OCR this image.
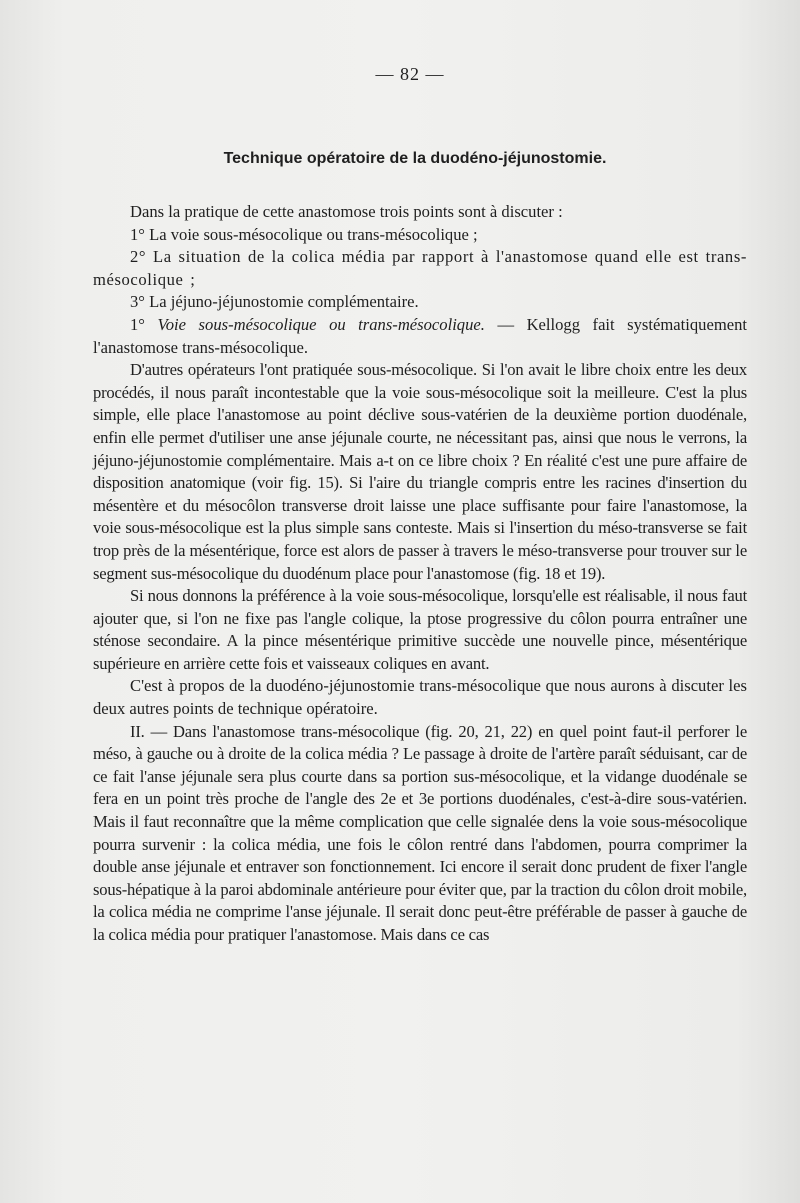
— 82 —
Technique opératoire de la duodéno-jéjunostomie.

Dans la pratique de cette anastomose trois points sont à discuter :

1° La voie sous-mésocolique ou trans-mésocolique ;

2° La situation de la colica média par rapport à l'anastomose quand elle est trans-mésocolique ;

3° La jéjuno-jéjunostomie complémentaire.

1° Voie sous-mésocolique ou trans-mésocolique. — Kellogg fait systématiquement l'anastomose trans-mésocolique.

D'autres opérateurs l'ont pratiquée sous-mésocolique. Si l'on avait le libre choix entre les deux procédés, il nous paraît incontestable que la voie sous-mésocolique soit la meilleure. C'est la plus simple, elle place l'anastomose au point déclive sous-vatérien de la deuxième portion duodénale, enfin elle permet d'utiliser une anse jéjunale courte, ne nécessitant pas, ainsi que nous le verrons, la jéjuno-jéjunostomie complémentaire. Mais a-t on ce libre choix ? En réalité c'est une pure affaire de disposition anatomique (voir fig. 15). Si l'aire du triangle compris entre les racines d'insertion du mésentère et du mésocôlon transverse droit laisse une place suffisante pour faire l'anastomose, la voie sous-mésocolique est la plus simple sans conteste. Mais si l'insertion du méso-transverse se fait trop près de la mésentérique, force est alors de passer à travers le méso-transverse pour trouver sur le segment sus-mésocolique du duodénum place pour l'anastomose (fig. 18 et 19).

Si nous donnons la préférence à la voie sous-mésocolique, lorsqu'elle est réalisable, il nous faut ajouter que, si l'on ne fixe pas l'angle colique, la ptose progressive du côlon pourra entraîner une sténose secondaire. A la pince mésentérique primitive succède une nouvelle pince, mésentérique supérieure en arrière cette fois et vaisseaux coliques en avant.

C'est à propos de la duodéno-jéjunostomie trans-mésocolique que nous aurons à discuter les deux autres points de technique opératoire.

II. — Dans l'anastomose trans-mésocolique (fig. 20, 21, 22) en quel point faut-il perforer le méso, à gauche ou à droite de la colica média ? Le passage à droite de l'artère paraît séduisant, car de ce fait l'anse jéjunale sera plus courte dans sa portion sus-mésocolique, et la vidange duodénale se fera en un point très proche de l'angle des 2e et 3e portions duodénales, c'est-à-dire sous-vatérien. Mais il faut reconnaître que la même complication que celle signalée dens la voie sous-mésocolique pourra survenir : la colica média, une fois le côlon rentré dans l'abdomen, pourra comprimer la double anse jéjunale et entraver son fonctionnement. Ici encore il serait donc prudent de fixer l'angle sous-hépatique à la paroi abdominale antérieure pour éviter que, par la traction du côlon droit mobile, la colica média ne comprime l'anse jéjunale. Il serait donc peut-être préférable de passer à gauche de la colica média pour pratiquer l'anastomose. Mais dans ce cas
